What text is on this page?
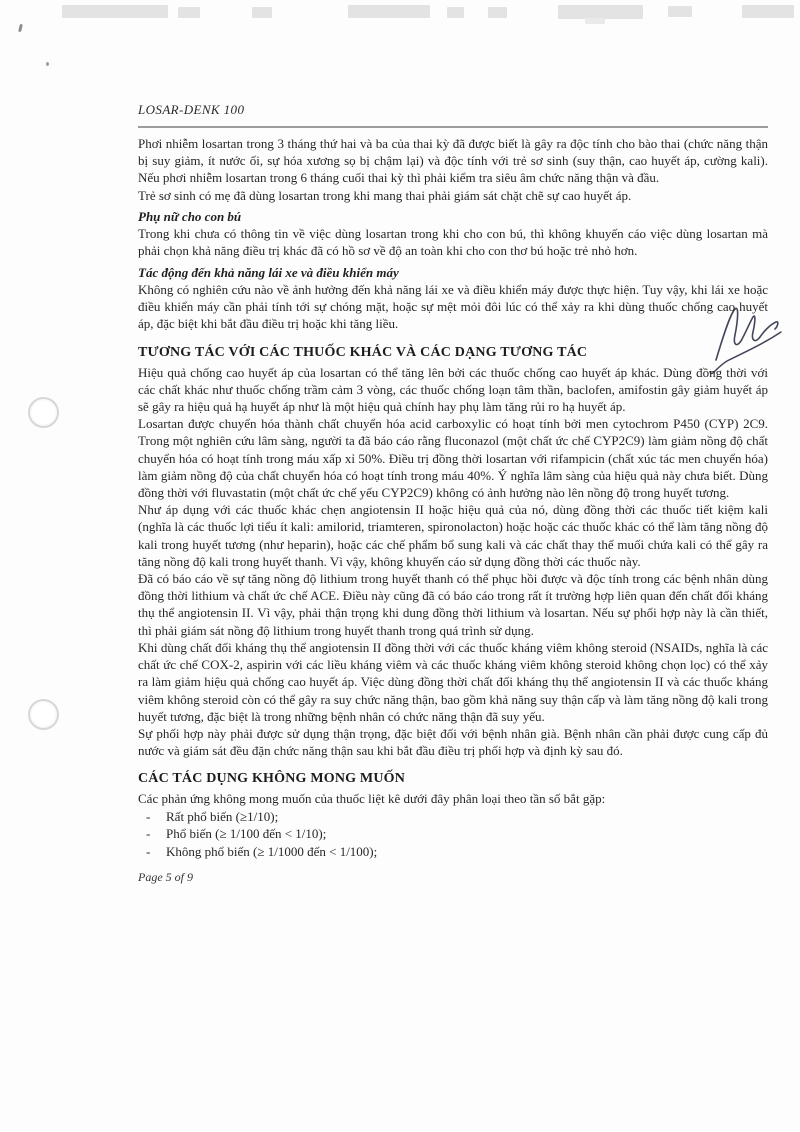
LOSAR-DENK 100

Phơi nhiễm losartan trong 3 tháng thứ hai và ba của thai kỳ đã được biết là gây ra độc tính cho bào thai (chức năng thận bị suy giảm, ít nước ối, sự hóa xương sọ bị chậm lại) và độc tính với trẻ sơ sinh (suy thận, cao huyết áp, cường kali). Nếu phơi nhiễm losartan trong 6 tháng cuối thai kỳ thì phải kiểm tra siêu âm chức năng thận và đầu.

Trẻ sơ sinh có mẹ đã dùng losartan trong khi mang thai phải giám sát chặt chẽ sự cao huyết áp.

Phụ nữ cho con bú

Trong khi chưa có thông tin về việc dùng losartan trong khi cho con bú, thì không khuyến cáo việc dùng losartan mà phải chọn khả năng điều trị khác đã có hồ sơ về độ an toàn khi cho con thơ bú hoặc trẻ nhỏ hơn.

Tác động đến khả năng lái xe và điều khiển máy

Không có nghiên cứu nào về ảnh hưởng đến khả năng lái xe và điều khiển máy được thực hiện. Tuy vậy, khi lái xe hoặc điều khiển máy cần phải tính tới sự chóng mặt, hoặc sự mệt mỏi đôi lúc có thể xảy ra khi dùng thuốc chống cao huyết áp, đặc biệt khi bắt đầu điều trị hoặc khi tăng liều.

TƯƠNG TÁC VỚI CÁC THUỐC KHÁC VÀ CÁC DẠNG TƯƠNG TÁC

Hiệu quả chống cao huyết áp của losartan có thể tăng lên bởi các thuốc chống cao huyết áp khác. Dùng đồng thời với các chất khác như thuốc chống trầm cảm 3 vòng, các thuốc chống loạn tâm thần, baclofen, amifostin gây giảm huyết áp sẽ gây ra hiệu quả hạ huyết áp như là một hiệu quả chính hay phụ làm tăng rủi ro hạ huyết áp.

Losartan được chuyển hóa thành chất chuyển hóa acid carboxylic có hoạt tính bởi men cytochrom P450 (CYP) 2C9. Trong một nghiên cứu lâm sàng, người ta đã báo cáo rằng fluconazol (một chất ức chế CYP2C9) làm giảm nồng độ chất chuyển hóa có hoạt tính trong máu xấp xỉ 50%. Điều trị đồng thời losartan với rifampicin (chất xúc tác men chuyển hóa) làm giảm nồng độ của chất chuyển hóa có hoạt tính trong máu 40%. Ý nghĩa lâm sàng của hiệu quả này chưa biết. Dùng đồng thời với fluvastatin (một chất ức chế yếu CYP2C9) không có ảnh hưởng nào lên nồng độ trong huyết tương.

Như áp dụng với các thuốc khác chẹn angiotensin II hoặc hiệu quả của nó, dùng đồng thời các thuốc tiết kiệm kali (nghĩa là các thuốc lợi tiểu ít kali: amilorid, triamteren, spironolacton) hoặc hoặc các thuốc khác có thể làm tăng nồng độ kali trong huyết tương (như heparin), hoặc các chế phẩm bổ sung kali và các chất thay thế muối chứa kali có thể gây ra tăng nồng độ kali trong huyết thanh. Vì vậy, không khuyến cáo sử dụng đồng thời các thuốc này.

Đã có báo cáo về sự tăng nồng độ lithium trong huyết thanh có thể phục hồi được và độc tính trong các bệnh nhân dùng đồng thời lithium và chất ức chế ACE. Điều này cũng đã có báo cáo trong rất ít trường hợp liên quan đến chất đối kháng thụ thể angiotensin II. Vì vậy, phải thận trọng khi dung đồng thời lithium và losartan. Nếu sự phối hợp này là cần thiết, thì phải giám sát nồng độ lithium trong huyết thanh trong quá trình sử dụng.

Khi dùng chất đối kháng thụ thể angiotensin II đồng thời với các thuốc kháng viêm không steroid (NSAIDs, nghĩa là các chất ức chế COX-2, aspirin với các liều kháng viêm và các thuốc kháng viêm không steroid không chọn lọc) có thể xảy ra làm giảm hiệu quả chống cao huyết áp. Việc dùng đồng thời chất đối kháng thụ thể angiotensin II và các thuốc kháng viêm không steroid còn có thể gây ra suy chức năng thận, bao gồm khả năng suy thận cấp và làm tăng nồng độ kali trong huyết tương, đặc biệt là trong những bệnh nhân có chức năng thận đã suy yếu.

Sự phối hợp này phải được sử dụng thận trọng, đặc biệt đối với bệnh nhân già. Bệnh nhân cần phải được cung cấp đủ nước và giám sát đều đặn chức năng thận sau khi bắt đầu điều trị phối hợp và định kỳ sau đó.

CÁC TÁC DỤNG KHÔNG MONG MUỐN

Các phản ứng không mong muốn của thuốc liệt kê dưới đây phân loại theo tần số bắt gặp:

-	Rất phổ biến (≥1/10);
-	Phổ biến (≥ 1/100 đến < 1/10);
-	Không phổ biến (≥ 1/1000 đến < 1/100);
Page 5 of 9
